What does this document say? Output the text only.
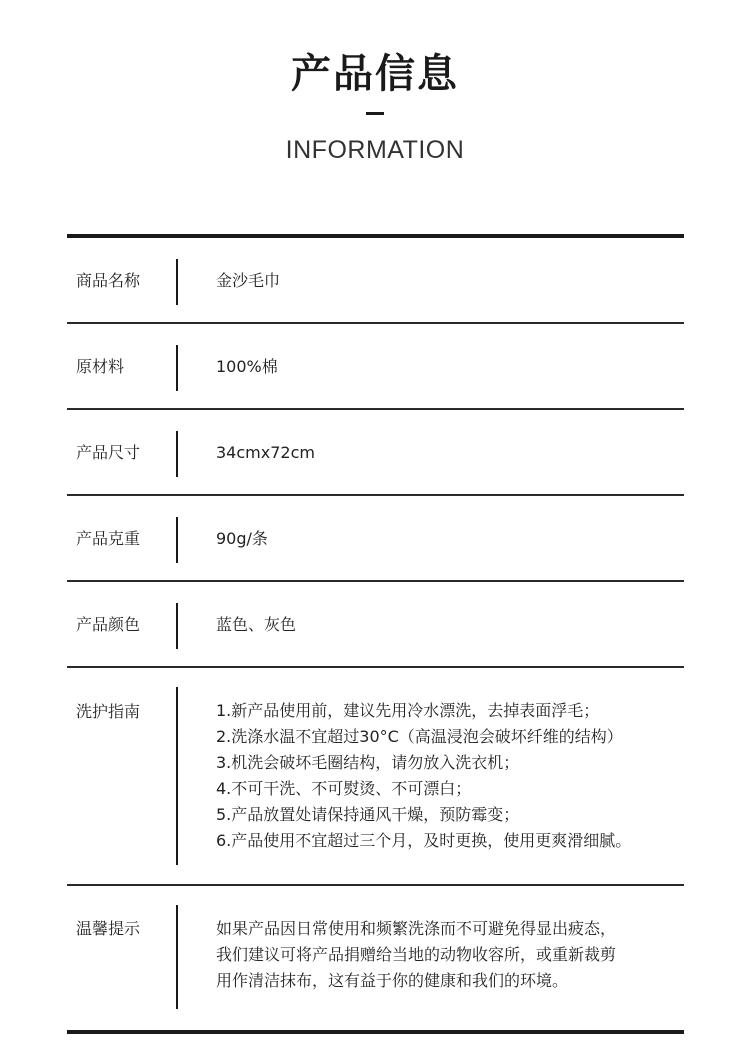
产品信息
INFORMATION
商品名称	金沙毛巾
原材料	100%棉
产品尺寸	34cmx72cm
产品克重	90g/条
产品颜色	蓝色、灰色
洗护指南	1.新产品使用前，建议先用冷水漂洗，去掉表面浮毛；
2.洗涤水温不宜超过30°C（高温浸泡会破坏纤维的结构）
3.机洗会破坏毛圈结构，请勿放入洗衣机；
4.不可干洗、不可熨烫、不可漂白；
5.产品放置处请保持通风干燥，预防霉变；
6.产品使用不宜超过三个月，及时更换，使用更爽滑细腻。
温馨提示	如果产品因日常使用和频繁洗涤而不可避免得显出疲态，
我们建议可将产品捐赠给当地的动物收容所，或重新裁剪
用作清洁抹布，这有益于你的健康和我们的环境。
